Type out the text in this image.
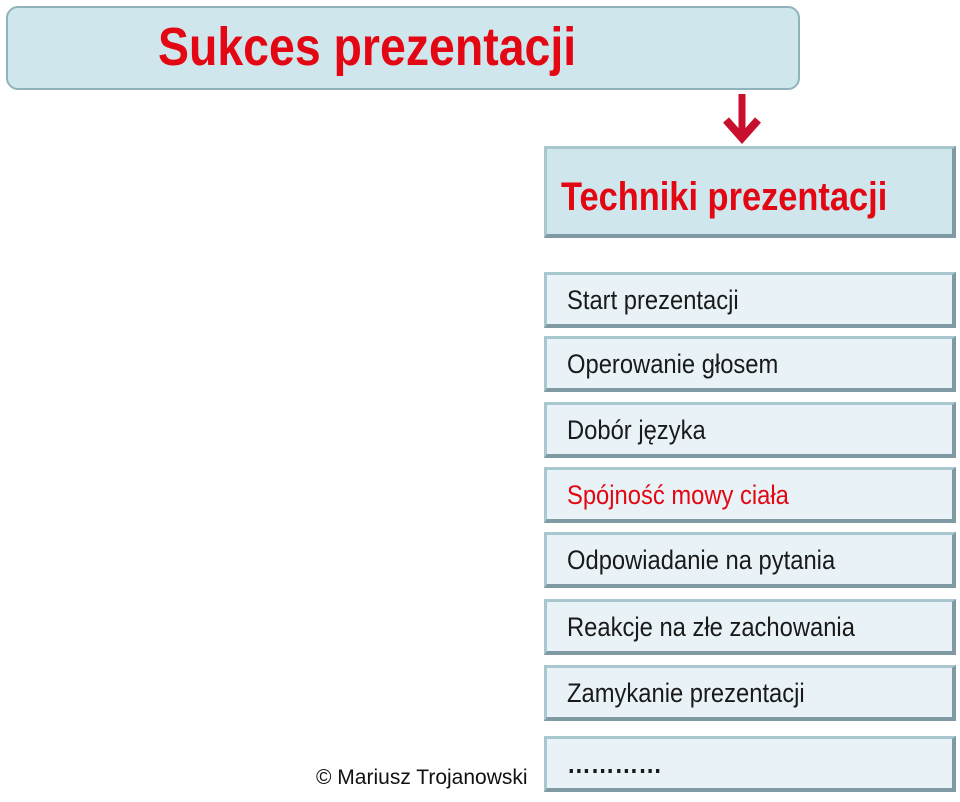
Sukces prezentacji
Techniki prezentacji
Start prezentacji
Operowanie głosem
Dobór języka
Spójność mowy ciała
Odpowiadanie na pytania
Reakcje na złe zachowania
Zamykanie prezentacji
…………
© Mariusz Trojanowski
